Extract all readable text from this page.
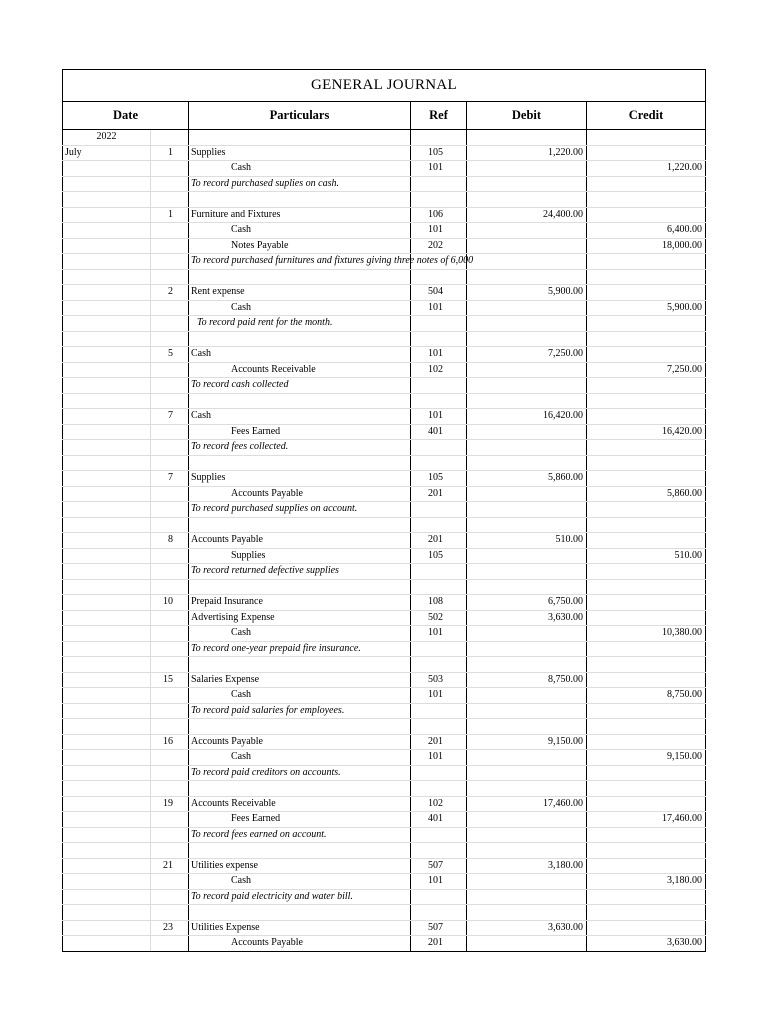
GENERAL JOURNAL					
Date		Particulars	Ref	Debit	Credit
2022					
July	1	Supplies	105	1,220.00	
		Cash	101		1,220.00
		To record purchased suplies on cash.			

	1	Furniture and Fixtures	106	24,400.00	
		Cash	101		6,400.00
		Notes Payable	202		18,000.00
		To record purchased furnitures and fixtures giving three notes of 6,000			

	2	Rent expense	504	5,900.00	
		Cash	101		5,900.00
		To record paid rent for the month.			

	5	Cash	101	7,250.00	
		Accounts Receivable	102		7,250.00
		To record cash collected			

	7	Cash	101	16,420.00	
		Fees Earned	401		16,420.00
		To record fees collected.			

	7	Supplies	105	5,860.00	
		Accounts Payable	201		5,860.00
		To record purchased supplies on account.			

	8	Accounts Payable	201	510.00	
		Supplies	105		510.00
		To record returned defective supplies			

	10	Prepaid Insurance	108	6,750.00	
		Advertising Expense	502	3,630.00	
		Cash	101		10,380.00
		To record one-year prepaid fire insurance.			

	15	Salaries Expense	503	8,750.00	
		Cash	101		8,750.00
		To record paid salaries for employees.			

	16	Accounts Payable	201	9,150.00	
		Cash	101		9,150.00
		To record paid creditors on accounts.			

	19	Accounts Receivable	102	17,460.00	
		Fees Earned	401		17,460.00
		To record fees earned on account.			

	21	Utilities expense	507	3,180.00	
		Cash	101		3,180.00
		To record paid electricity and water bill.			

	23	Utilities Expense	507	3,630.00	
		Accounts Payable	201		3,630.00
